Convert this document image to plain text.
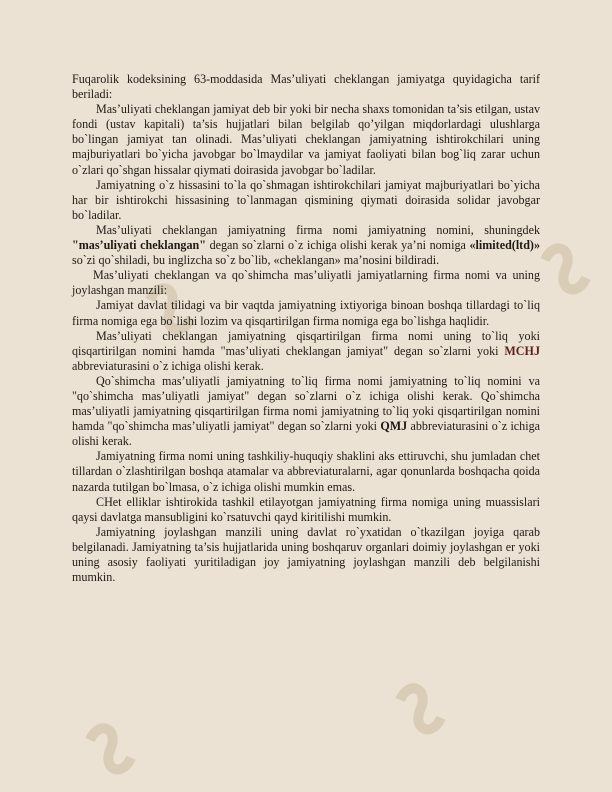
Fuqarolik kodeksining 63-moddasida Mas’uliyati cheklangan jamiyatga quyidagicha tarif beriladi:

Mas’uliyati cheklangan jamiyat deb bir yoki bir necha shaxs tomonidan ta’sis etilgan, ustav fondi (ustav kapitali) ta’sis hujjatlari bilan belgilab qo’yilgan miqdorlardagi ulushlarga bo`lingan jamiyat tan olinadi. Mas’uliyati cheklangan jamiyatning ishtirokchilari uning majburiyatlari bo`yicha javobgar bo`lmaydilar va jamiyat faoliyati bilan bog`liq zarar uchun o`zlari qo`shgan hissalar qiymati doirasida javobgar bo`ladilar.

Jamiyatning o`z hissasini to`la qo`shmagan ishtirokchilari jamiyat majburiyatlari bo`yicha har bir ishtirokchi hissasining to`lanmagan qismining qiymati doirasida solidar javobgar bo`ladilar.

Mas’uliyati cheklangan jamiyatning firma nomi jamiyatning nomini, shuningdek "mas’uliyati cheklangan" degan so`zlarni o`z ichiga olishi kerak ya’ni nomiga «limited(ltd)» so`zi qo`shiladi, bu inglizcha so`z bo`lib, «cheklangan» ma’nosini bildiradi.

Mas’uliyati cheklangan va qo`shimcha mas’uliyatli jamiyatlarning firma nomi va uning joylashgan manzili:

Jamiyat davlat tilidagi va bir vaqtda jamiyatning ixtiyoriga binoan boshqa tillardagi to`liq firma nomiga ega bo`lishi lozim va qisqartirilgan firma nomiga ega bo`lishga haqlidir.

Mas’uliyati cheklangan jamiyatning qisqartirilgan firma nomi uning to`liq yoki qisqartirilgan nomini hamda "mas’uliyati cheklangan jamiyat" degan so`zlarni yoki MCHJ abbreviaturasini o`z ichiga olishi kerak.

Qo`shimcha mas’uliyatli jamiyatning to`liq firma nomi jamiyatning to`liq nomini va "qo`shimcha mas’uliyatli jamiyat" degan so`zlarni o`z ichiga olishi kerak. Qo`shimcha mas’uliyatli jamiyatning qisqartirilgan firma nomi jamiyatning to`liq yoki qisqartirilgan nomini hamda "qo`shimcha mas’uliyatli jamiyat" degan so`zlarni yoki QMJ abbreviaturasini o`z ichiga olishi kerak.

Jamiyatning firma nomi uning tashkiliy-huquqiy shaklini aks ettiruvchi, shu jumladan chet tillardan o`zlashtirilgan boshqa atamalar va abbreviaturalarni, agar qonunlarda boshqacha qoida nazarda tutilgan bo`lmasa, o`z ichiga olishi mumkin emas.

CHet elliklar ishtirokida tashkil etilayotgan jamiyatning firma nomiga uning muassislari qaysi davlatga mansubligini ko`rsatuvchi qayd kiritilishi mumkin.

Jamiyatning joylashgan manzili uning davlat ro`yxatidan o`tkazilgan joyiga qarab belgilanadi. Jamiyatning ta’sis hujjatlarida uning boshqaruv organlari doimiy joylashgan er yoki uning asosiy faoliyati yuritiladigan joy jamiyatning joylashgan manzili deb belgilanishi mumkin.
